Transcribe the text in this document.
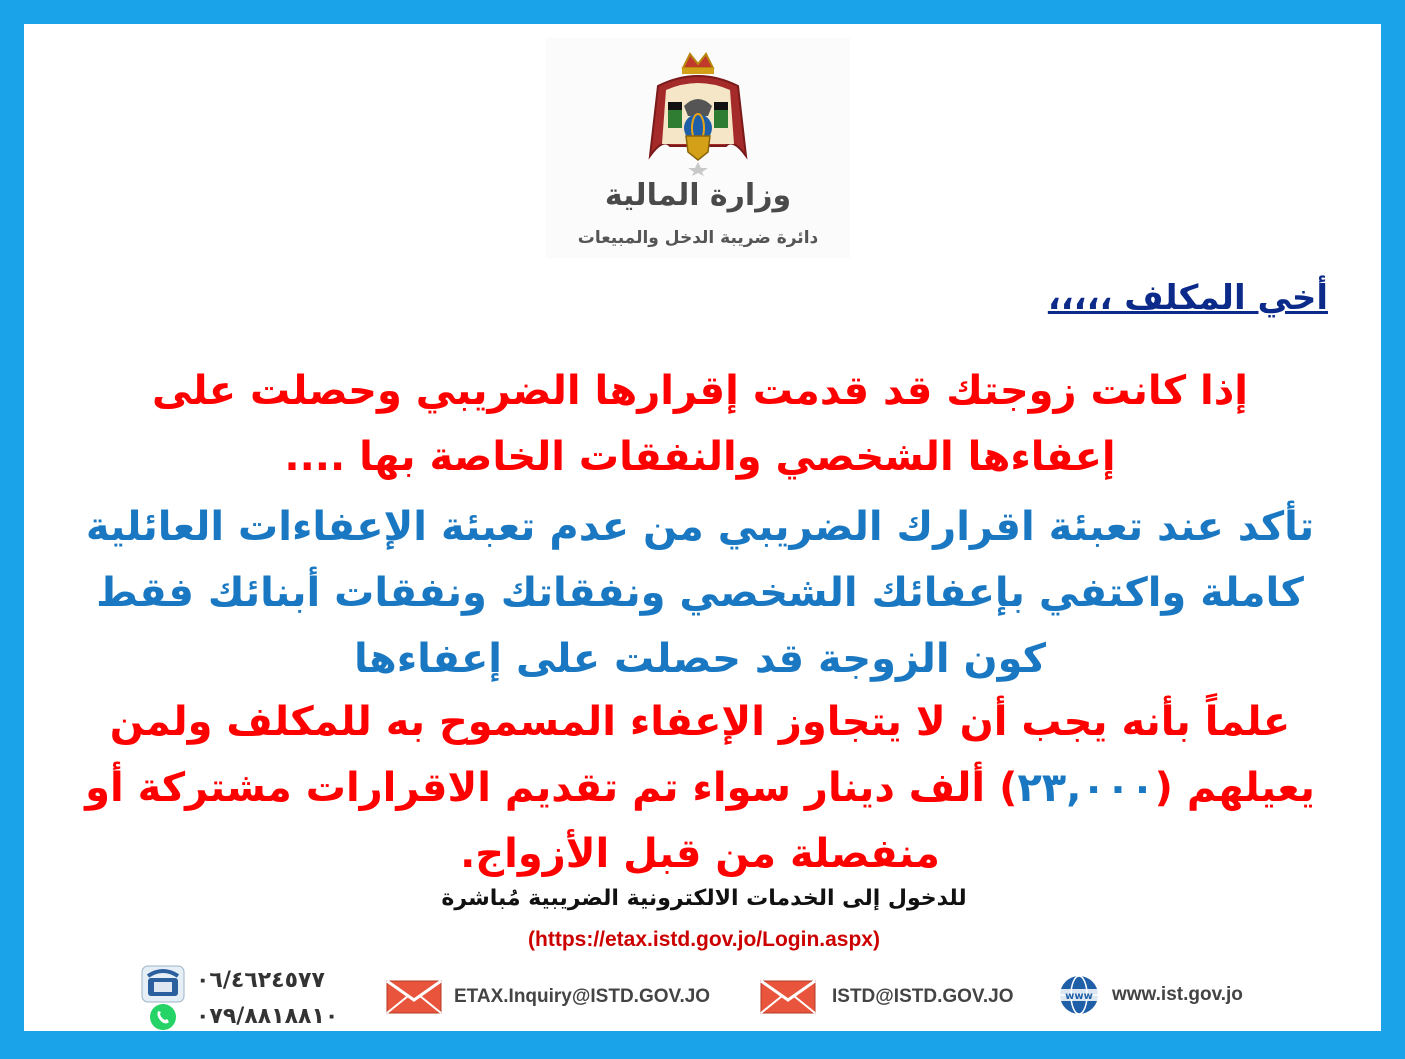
وزارة المالية
دائرة ضريبة الدخل والمبيعات
أخي المكلف ،،،،،
إذا كانت زوجتك قد قدمت إقرارها الضريبي وحصلت على إعفاءها الشخصي والنفقات الخاصة بها ....
تأكد عند تعبئة اقرارك الضريبي من عدم تعبئة الإعفاءات العائلية كاملة واكتفي بإعفائك الشخصي ونفقاتك ونفقات أبنائك فقط كون الزوجة قد حصلت على إعفاءها
علماً بأنه يجب أن لا يتجاوز الإعفاء المسموح به للمكلف ولمن يعيلهم (٢٣,٠٠٠) ألف دينار سواء تم تقديم الاقرارات مشتركة أو منفصلة من قبل الأزواج.
للدخول إلى الخدمات الالكترونية الضريبية مُباشرة
(https://etax.istd.gov.jo/Login.aspx)
٠٦/٤٦٢٤٥٧٧
٠٧٩/٨٨١٨٨١٠
ETAX.Inquiry@ISTD.GOV.JO	ISTD@ISTD.GOV.JO	www www.ist.gov.jo
